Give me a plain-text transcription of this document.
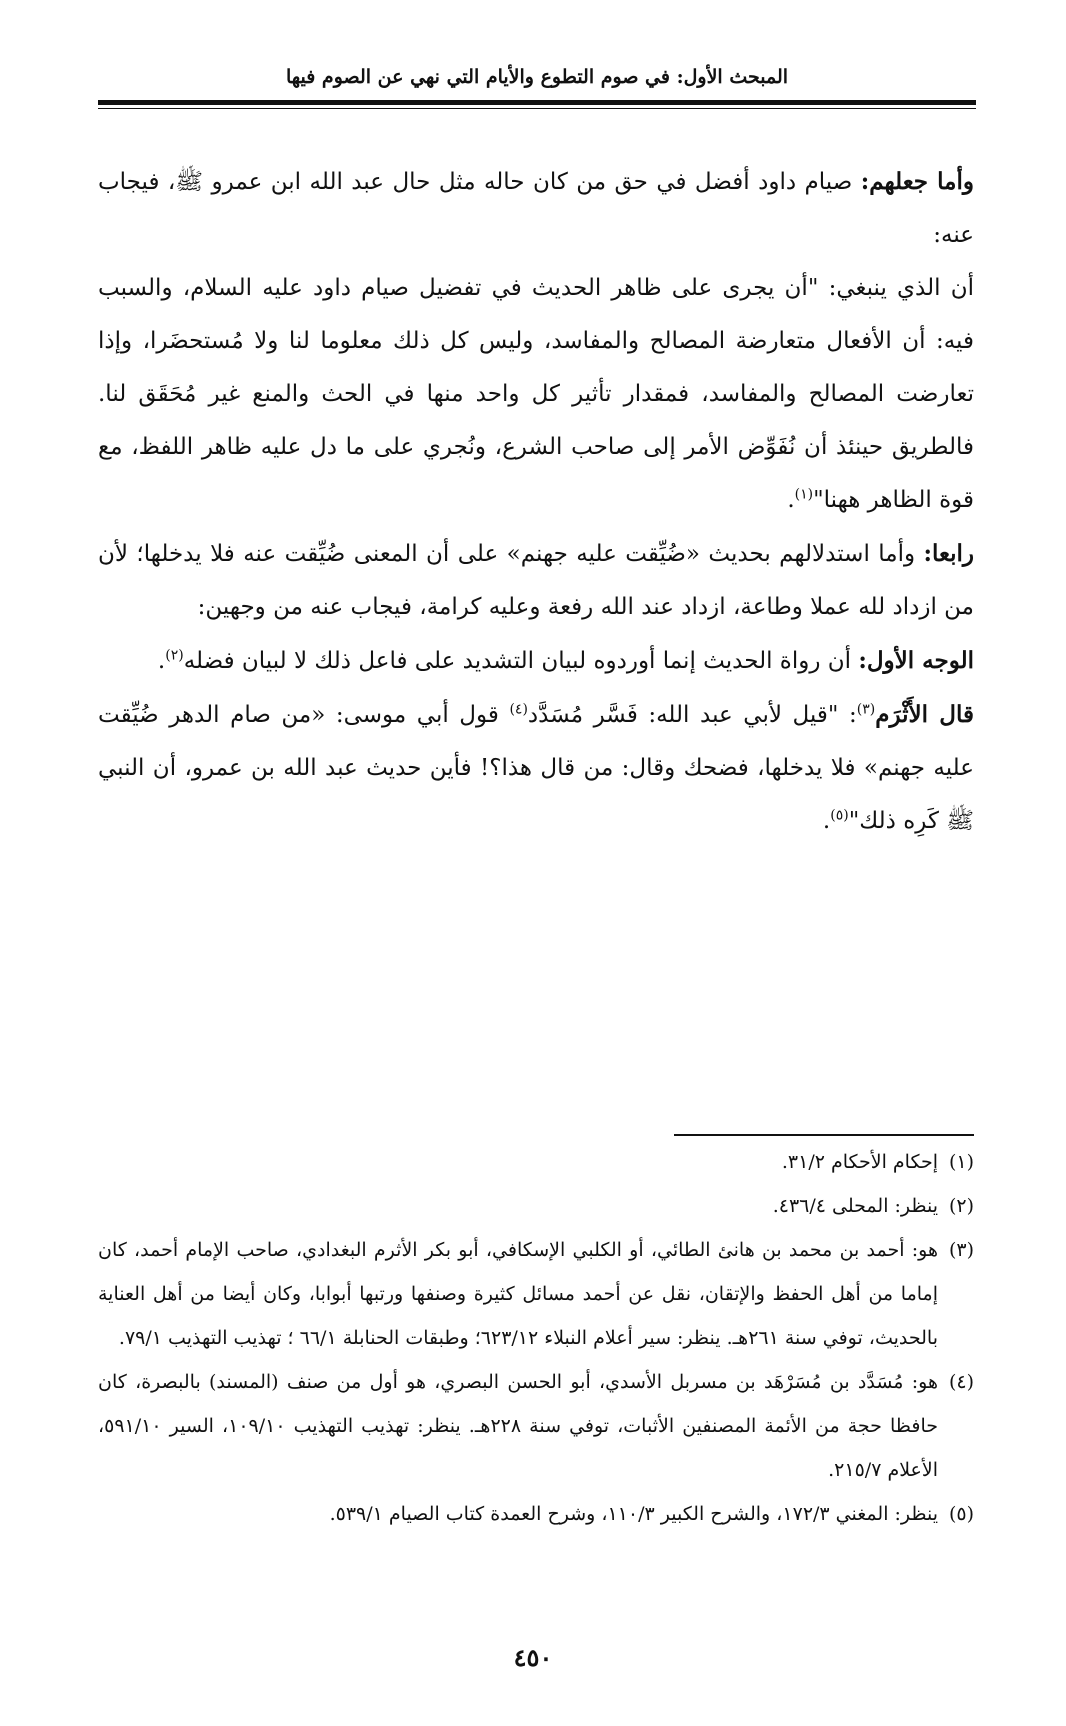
المبحث الأول: في صوم التطوع والأيام التي نهي عن الصوم فيها

وأما جعلهم: صيام داود أفضل في حق من كان حاله مثل حال عبد الله ابن عمرو ﷺ، فيجاب عنه:

أن الذي ينبغي: "أن يجرى على ظاهر الحديث في تفضيل صيام داود عليه السلام، والسبب فيه: أن الأفعال متعارضة المصالح والمفاسد، وليس كل ذلك معلوما لنا ولا مُستحضَرا، وإذا تعارضت المصالح والمفاسد، فمقدار تأثير كل واحد منها في الحث والمنع غير مُحَقَق لنا. فالطريق حينئذ أن نُفَوِّض الأمر إلى صاحب الشرع، ونُجري على ما دل عليه ظاهر اللفظ، مع قوة الظاهر ههنا"$^{(١)}$.

رابعا: وأما استدلالهم بحديث «ضُيِّقت عليه جهنم» على أن المعنى ضُيِّقت عنه فلا يدخلها؛ لأن من ازداد لله عملا وطاعة، ازداد عند الله رفعة وعليه كرامة، فيجاب عنه من وجهين:

الوجه الأول: أن رواة الحديث إنما أوردوه لبيان التشديد على فاعل ذلك لا لبيان فضله$^{(٢)}$.

قال الأَثْرَم$^{(٣)}$: "قيل لأبي عبد الله: فَسَّر مُسَدَّد$^{(٤)}$ قول أبي موسى: «من صام الدهر ضُيِّقت عليه جهنم» فلا يدخلها، فضحك وقال: من قال هذا؟! فأين حديث عبد الله بن عمرو، أن النبي ﷺ كَرِه ذلك"$^{(٥)}$.

(١)إحكام الأحكام ٣١/٢.

(٢)ينظر: المحلى ٤٣٦/٤.

(٣)هو: أحمد بن محمد بن هانئ الطائي، أو الكلبي الإسكافي، أبو بكر الأثرم البغدادي، صاحب الإمام أحمد، كان إماما من أهل الحفظ والإتقان، نقل عن أحمد مسائل كثيرة وصنفها ورتبها أبوابا، وكان أيضا من أهل العناية بالحديث، توفي سنة ٢٦١هـ. ينظر: سير أعلام النبلاء ٦٢٣/١٢؛ وطبقات الحنابلة ٦٦/١ ؛ تهذيب التهذيب ٧٩/١.

(٤)هو: مُسَدَّد بن مُسَرْهَد بن مسربل الأسدي، أبو الحسن البصري، هو أول من صنف (المسند) بالبصرة، كان حافظا حجة من الأئمة المصنفين الأثبات، توفي سنة ٢٢٨هـ. ينظر: تهذيب التهذيب ١٠٩/١٠، السير ٥٩١/١٠، الأعلام ٢١٥/٧.

(٥)ينظر: المغني ١٧٢/٣، والشرح الكبير ١١٠/٣، وشرح العمدة كتاب الصيام ٥٣٩/١.

٤٥٠
